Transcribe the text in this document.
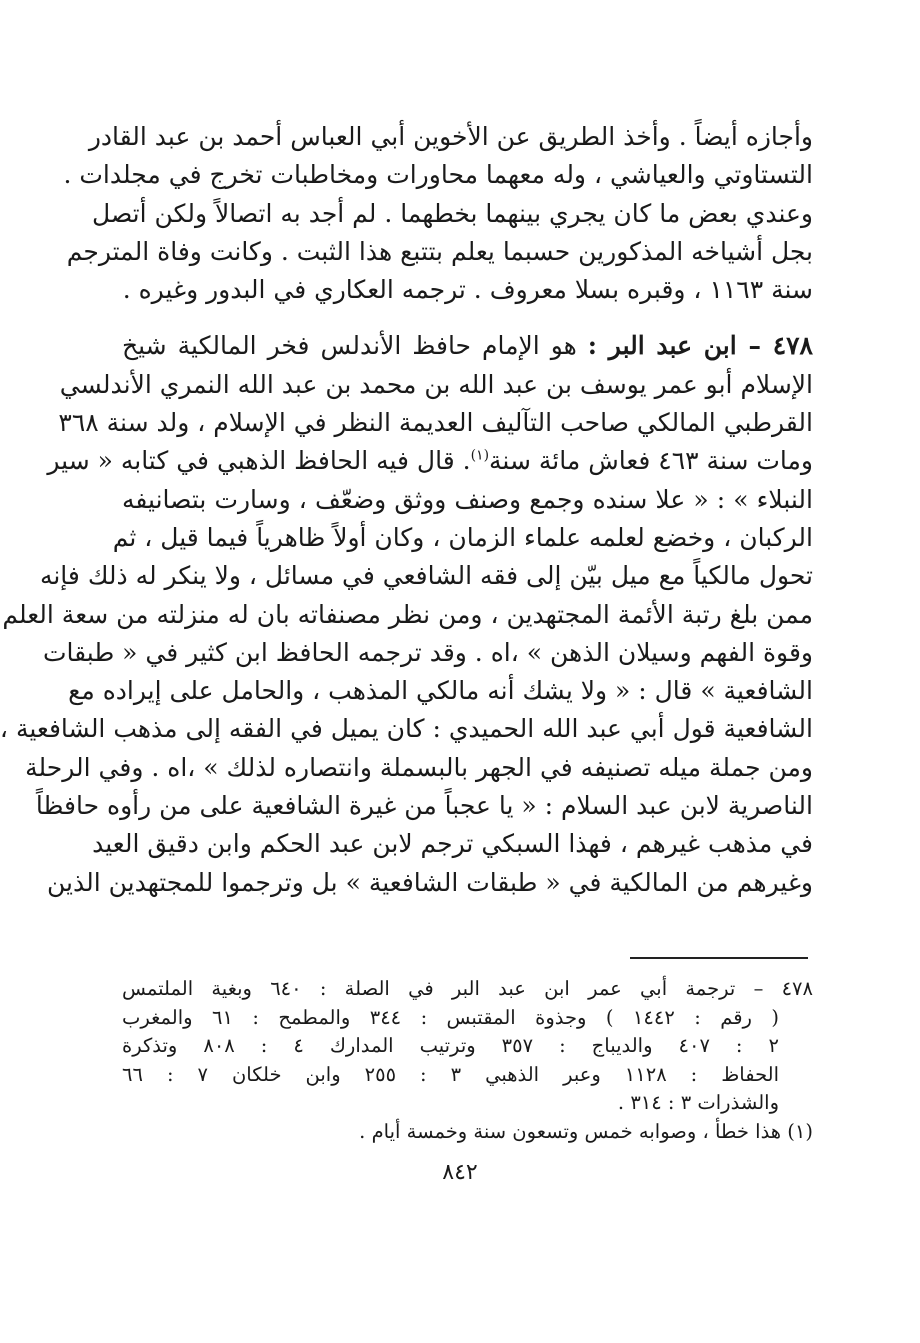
وأجازه أيضاً . وأخذ الطريق عن الأخوين أبي العباس أحمد بن عبد القادر
التستاوتي والعياشي ، وله معهما محاورات ومخاطبات تخرج في مجلدات .
وعندي بعض ما كان يجري بينهما بخطهما . لم أجد به اتصالاً ولكن أتصل
بجل أشياخه المذكورين حسبما يعلم بتتبع هذا الثبت . وكانت وفاة المترجم
سنة ١١٦٣ ، وقبره بسلا معروف . ترجمه العكاري في البدور وغيره .
٤٧٨ – ابن عبد البر : هو الإمام حافظ الأندلس فخر المالكية شيخ
الإسلام أبو عمر يوسف بن عبد الله بن محمد بن عبد الله النمري الأندلسي
القرطبي المالكي صاحب التآليف العديمة النظر في الإسلام ، ولد سنة ٣٦٨
ومات سنة ٤٦٣ فعاش مائة سنة$^{(١)}$. قال فيه الحافظ الذهبي في كتابه « سير
النبلاء » : « علا سنده وجمع وصنف ووثق وضعّف ، وسارت بتصانيفه
الركبان ، وخضع لعلمه علماء الزمان ، وكان أولاً ظاهرياً فيما قيل ، ثم
تحول مالكياً مع ميل بيّن إلى فقه الشافعي في مسائل ، ولا ينكر له ذلك فإنه
ممن بلغ رتبة الأئمة المجتهدين ، ومن نظر مصنفاته بان له منزلته من سعة العلم
وقوة الفهم وسيلان الذهن » ،اه . وقد ترجمه الحافظ ابن كثير في « طبقات
الشافعية » قال : « ولا يشك أنه مالكي المذهب ، والحامل على إيراده مع
الشافعية قول أبي عبد الله الحميدي : كان يميل في الفقه إلى مذهب الشافعية ،
ومن جملة ميله تصنيفه في الجهر بالبسملة وانتصاره لذلك » ،اه . وفي الرحلة
الناصرية لابن عبد السلام : « يا عجباً من غيرة الشافعية على من رأوه حافظاً
في مذهب غيرهم ، فهذا السبكي ترجم لابن عبد الحكم وابن دقيق العيد
وغيرهم من المالكية في « طبقات الشافعية » بل وترجموا للمجتهدين الذين
٤٧٨ – ترجمة أبي عمر ابن عبد البر في الصلة : ٦٤٠ وبغية الملتمس
( رقم : ١٤٤٢ ) وجذوة المقتبس : ٣٤٤ والمطمح : ٦١ والمغرب
٢ : ٤٠٧ والديباج : ٣٥٧ وترتيب المدارك ٤ : ٨٠٨ وتذكرة
الحفاظ : ١١٢٨ وعبر الذهبي ٣ : ٢٥٥ وابن خلكان ٧ : ٦٦
والشذرات ٣ : ٣١٤ .
(١) هذا خطأ ، وصوابه خمس وتسعون سنة وخمسة أيام .
٨٤٢
